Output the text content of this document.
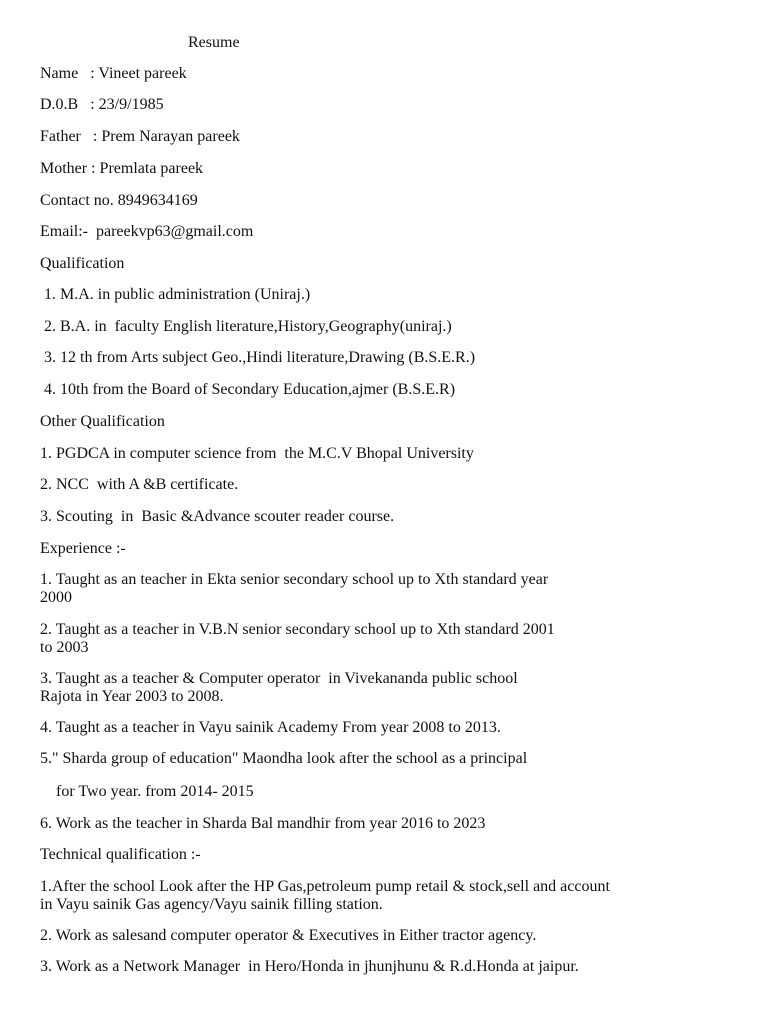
Resume
Name   : Vineet pareek
D.0.B   : 23/9/1985
Father   : Prem Narayan pareek
Mother : Premlata pareek
Contact no. 8949634169
Email:-  pareekvp63@gmail.com
Qualification
1. M.A. in public administration (Uniraj.)
2. B.A. in  faculty English literature,History,Geography(uniraj.)
3. 12 th from Arts subject Geo.,Hindi literature,Drawing (B.S.E.R.)
4. 10th from the Board of Secondary Education,ajmer (B.S.E.R)
Other Qualification
1. PGDCA in computer science from  the M.C.V Bhopal University
2. NCC  with A &B certificate.
3. Scouting  in  Basic &Advance scouter reader course.
Experience :-
1. Taught as an teacher in Ekta senior secondary school up to Xth standard year
2000
2. Taught as a teacher in V.B.N senior secondary school up to Xth standard 2001
to 2003
3. Taught as a teacher & Computer operator  in Vivekananda public school
Rajota in Year 2003 to 2008.
4. Taught as a teacher in Vayu sainik Academy From year 2008 to 2013.
5." Sharda group of education" Maondha look after the school as a principal
for Two year. from 2014- 2015
6. Work as the teacher in Sharda Bal mandhir from year 2016 to 2023
Technical qualification :-
1.After the school Look after the HP Gas,petroleum pump retail & stock,sell and account
in Vayu sainik Gas agency/Vayu sainik filling station.
2. Work as salesand computer operator & Executives in Either tractor agency.
3. Work as a Network Manager  in Hero/Honda in jhunjhunu & R.d.Honda at jaipur.
